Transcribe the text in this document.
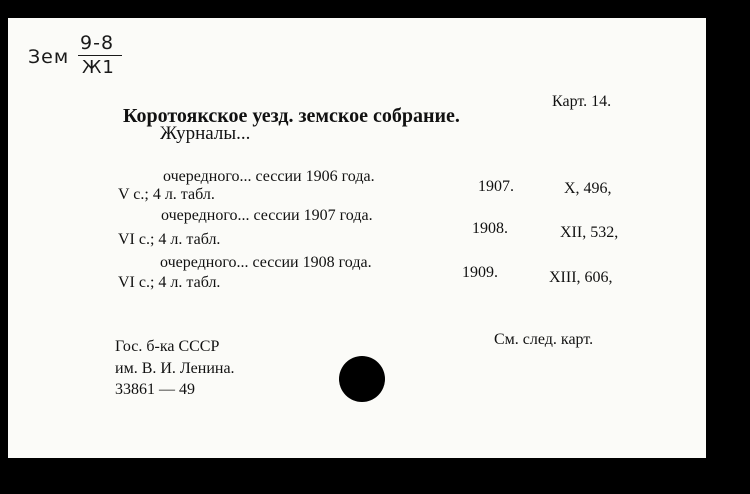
Зем
9-8
Ж1
Карт. 14.
Коротоякское уезд. земское собрание.
Журналы...
очередного... сессии 1906 года.
1907.	X, 496,
V с.; 4 л. табл.
очередного... сессии 1907 года.
1908.	XII, 532,
VI с.; 4 л. табл.
очередного... сессии 1908 года.
1909.	XIII, 606,
VI с.; 4 л. табл.
Гос. б-ка СССР
им. В. И. Ленина.
33861 — 49
См. след. карт.
